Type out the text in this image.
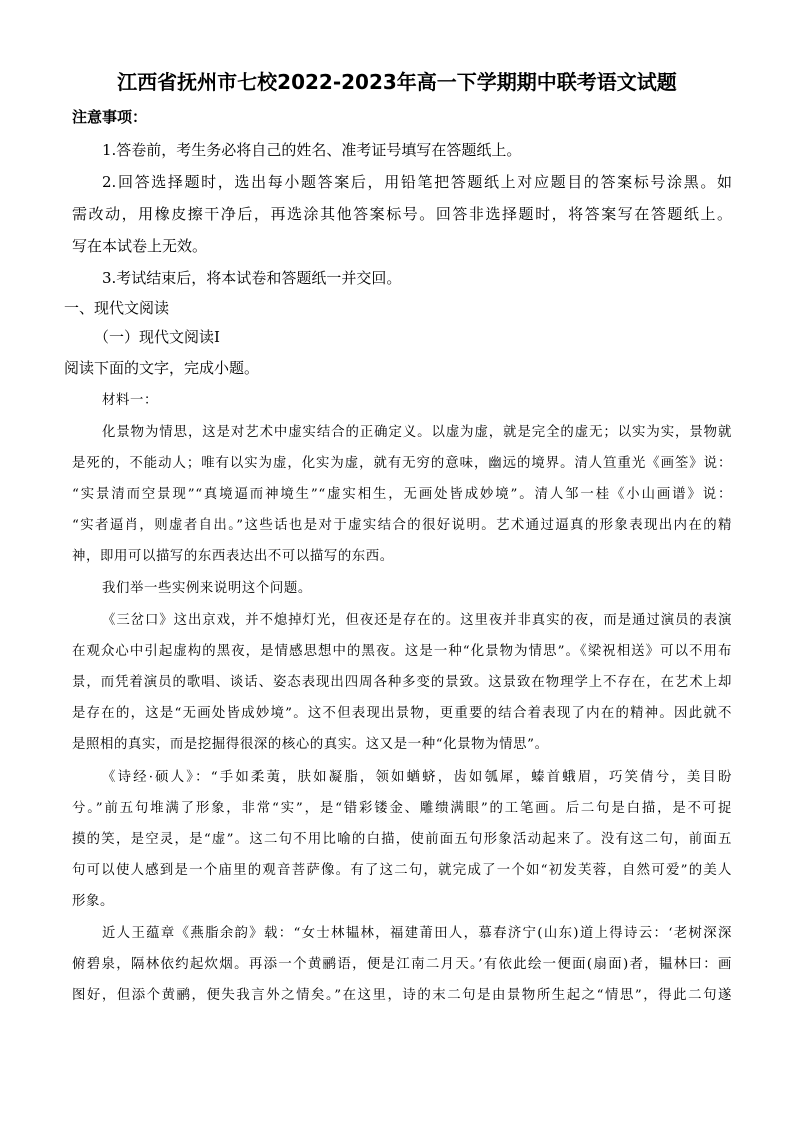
江西省抚州市七校2022-2023年高一下学期期中联考语文试题
注意事项：
1.答卷前，考生务必将自己的姓名、准考证号填写在答题纸上。
2.回答选择题时，选出每小题答案后，用铅笔把答题纸上对应题目的答案标号涂黑。如
需改动，用橡皮擦干净后，再选涂其他答案标号。回答非选择题时，将答案写在答题纸上。
写在本试卷上无效。
3.考试结束后，将本试卷和答题纸一并交回。
一、现代文阅读
（一）现代文阅读Ⅰ
阅读下面的文字，完成小题。
材料一：
化景物为情思，这是对艺术中虚实结合的正确定义。以虚为虚，就是完全的虚无；以实为实，景物就
是死的，不能动人；唯有以实为虚，化实为虚，就有无穷的意味，幽远的境界。清人笪重光《画筌》说：
“实景清而空景现”“真境逼而神境生”“虚实相生，无画处皆成妙境”。清人邹一桂《小山画谱》说：
“实者逼肖，则虚者自出。”这些话也是对于虚实结合的很好说明。艺术通过逼真的形象表现出内在的精
神，即用可以描写的东西表达出不可以描写的东西。
我们举一些实例来说明这个问题。
《三岔口》这出京戏，并不熄掉灯光，但夜还是存在的。这里夜并非真实的夜，而是通过演员的表演
在观众心中引起虚构的黑夜，是情感思想中的黑夜。这是一种“化景物为情思”。《梁祝相送》可以不用布
景，而凭着演员的歌唱、谈话、姿态表现出四周各种多变的景致。这景致在物理学上不存在，在艺术上却
是存在的，这是“无画处皆成妙境”。这不但表现出景物，更重要的结合着表现了内在的精神。因此就不
是照相的真实，而是挖掘得很深的核心的真实。这又是一种“化景物为情思”。
《诗经·硕人》：“手如柔荑，肤如凝脂，领如蝤蛴，齿如瓠犀，螓首蛾眉，巧笑倩兮，美目盼
兮。”前五句堆满了形象，非常“实”，是“错彩镂金、雕缋满眼”的工笔画。后二句是白描，是不可捉
摸的笑，是空灵，是“虚”。这二句不用比喻的白描，使前面五句形象活动起来了。没有这二句，前面五
句可以使人感到是一个庙里的观音菩萨像。有了这二句，就完成了一个如“初发芙蓉，自然可爱”的美人
形象。
近人王蕴章《燕脂余韵》载：“女士林韫林，福建莆田人，慕春济宁(山东)道上得诗云：‘老树深深
俯碧泉，隔林依约起炊烟。再添一个黄鹂语，便是江南二月天。’有依此绘一便面(扇面)者，韫林曰：画
图好，但添个黄鹂，便失我言外之情矣。”在这里，诗的末二句是由景物所生起之“情思”，得此二句遂
